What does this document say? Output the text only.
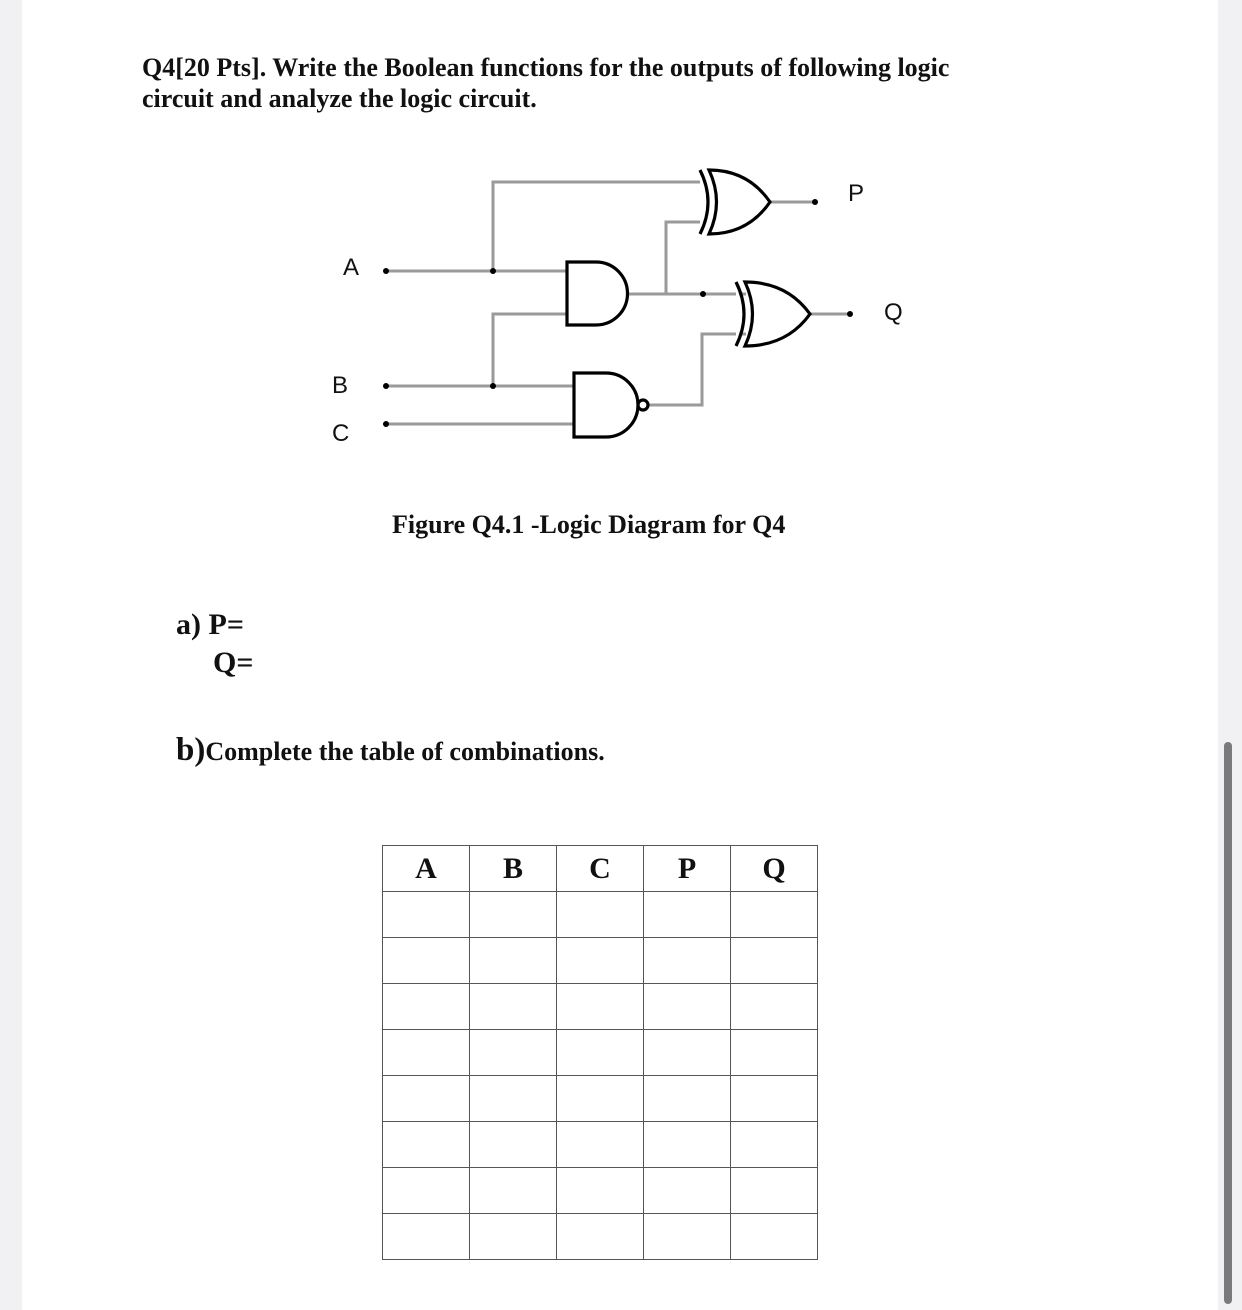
Q4[20 Pts]. Write the Boolean functions for the outputs of following logic
circuit and analyze the logic circuit.
A
B
C
P
Q
Figure Q4.1 -Logic Diagram for Q4
a) P=
Q=
b)Complete the table of combinations.
A	B	C	P	Q
